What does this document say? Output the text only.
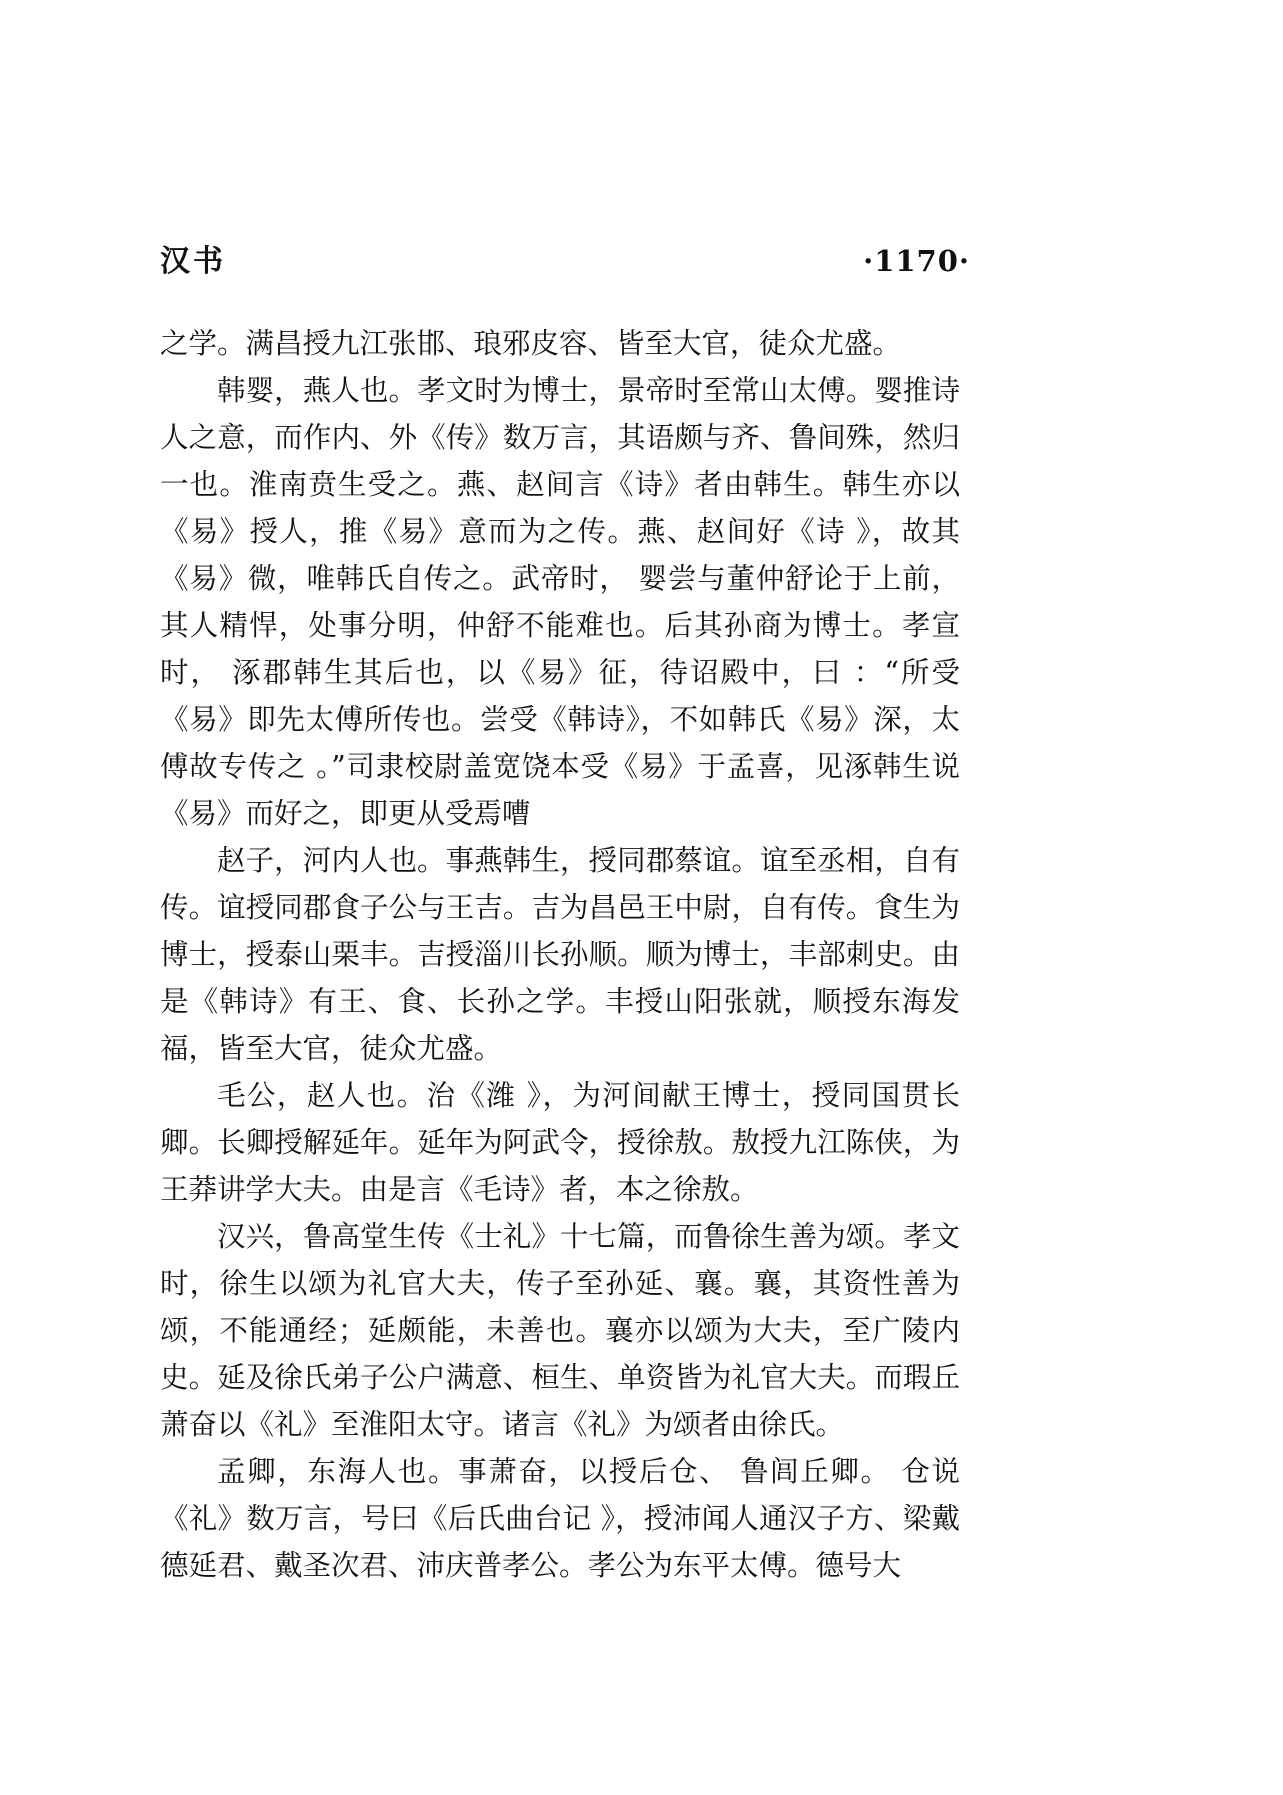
汉书	·1170·

之学。满昌授九江张邯、琅邪皮容、皆至大官，徒众尤盛。

韩婴，燕人也。孝文时为博士，景帝时至常山太傅。婴推诗人之意，而作内、外《传》数万言，其语颇与齐、鲁间殊，然归一也。淮南贲生受之。燕、赵间言《诗》者由韩生。韩生亦以《易》授人，推《易》意而为之传。燕、赵间好《诗 》，故其《易》微，唯韩氏自传之。武帝时， 婴尝与董仲舒论于上前，其人精悍，处事分明，仲舒不能难也。后其孙商为博士。孝宣时， 涿郡韩生其后也，以《易》征，待诏殿中，曰 ：“所受《易》即先太傅所传也。尝受《韩诗》，不如韩氏《易》深，太傅故专传之 。”司隶校尉盖宽饶本受《易》于孟喜，见涿韩生说《易》而好之，即更从受焉嘈

赵子，河内人也。事燕韩生，授同郡蔡谊。谊至丞相，自有传。谊授同郡食子公与王吉。吉为昌邑王中尉，自有传。食生为博士，授泰山栗丰。吉授淄川长孙顺。顺为博士，丰部刺史。由是《韩诗》有王、食、长孙之学。丰授山阳张就，顺授东海发福，皆至大官，徒众尤盛。

毛公，赵人也。治《潍 》，为河间献王博士，授同国贯长卿。长卿授解延年。延年为阿武令，授徐敖。敖授九江陈侠，为王莽讲学大夫。由是言《毛诗》者，本之徐敖。

汉兴，鲁高堂生传《士礼》十七篇，而鲁徐生善为颂。孝文时，徐生以颂为礼官大夫，传子至孙延、襄。襄，其资性善为颂，不能通经；延颇能，未善也。襄亦以颂为大夫，至广陵内史。延及徐氏弟子公户满意、桓生、单资皆为礼官大夫。而瑕丘萧奋以《礼》至淮阳太守。诸言《礼》为颂者由徐氏。

孟卿，东海人也。事萧奋，以授后仓、 鲁闾丘卿。 仓说《礼》数万言，号曰《后氏曲台记 》，授沛闻人通汉子方、梁戴德延君、戴圣次君、沛庆普孝公。孝公为东平太傅。德号大
